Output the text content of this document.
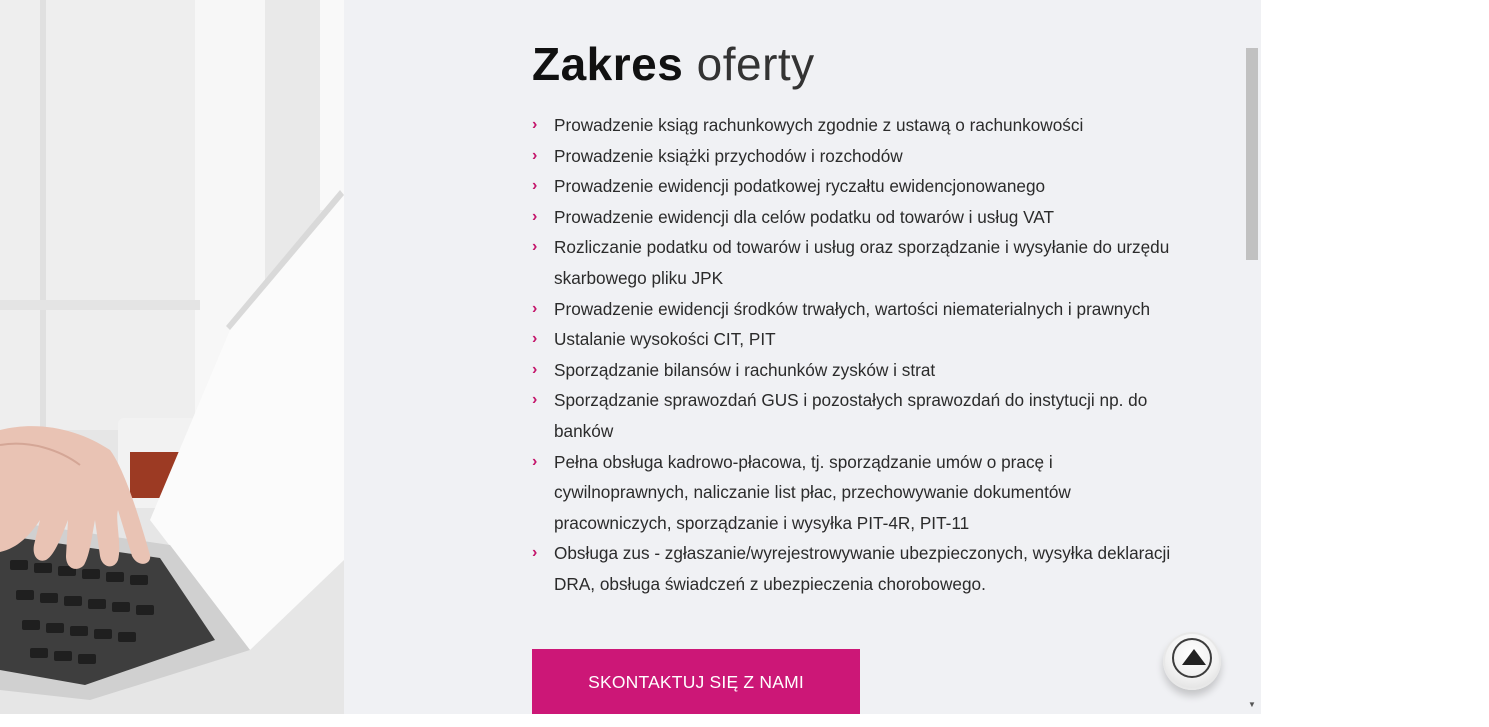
Zakres oferty
› Prowadzenie ksiąg rachunkowych zgodnie z ustawą o rachunkowości
› Prowadzenie książki przychodów i rozchodów
› Prowadzenie ewidencji podatkowej ryczałtu ewidencjonowanego
› Prowadzenie ewidencji dla celów podatku od towarów i usług VAT
› Rozliczanie podatku od towarów i usług oraz sporządzanie i wysyłanie do urzędu skarbowego pliku JPK
› Prowadzenie ewidencji środków trwałych, wartości niematerialnych i prawnych
› Ustalanie wysokości CIT, PIT
› Sporządzanie bilansów i rachunków zysków i strat
› Sporządzanie sprawozdań GUS i pozostałych sprawozdań do instytucji np. do banków
› Pełna obsługa kadrowo-płacowa, tj. sporządzanie umów o pracę i cywilnoprawnych, naliczanie list płac, przechowywanie dokumentów pracowniczych, sporządzanie i wysyłka PIT-4R, PIT-11
› Obsługa zus - zgłaszanie/wyrejestrowywanie ubezpieczonych, wysyłka deklaracji DRA, obsługa świadczeń z ubezpieczenia chorobowego.
SKONTAKTUJ SIĘ Z NAMI
▼
